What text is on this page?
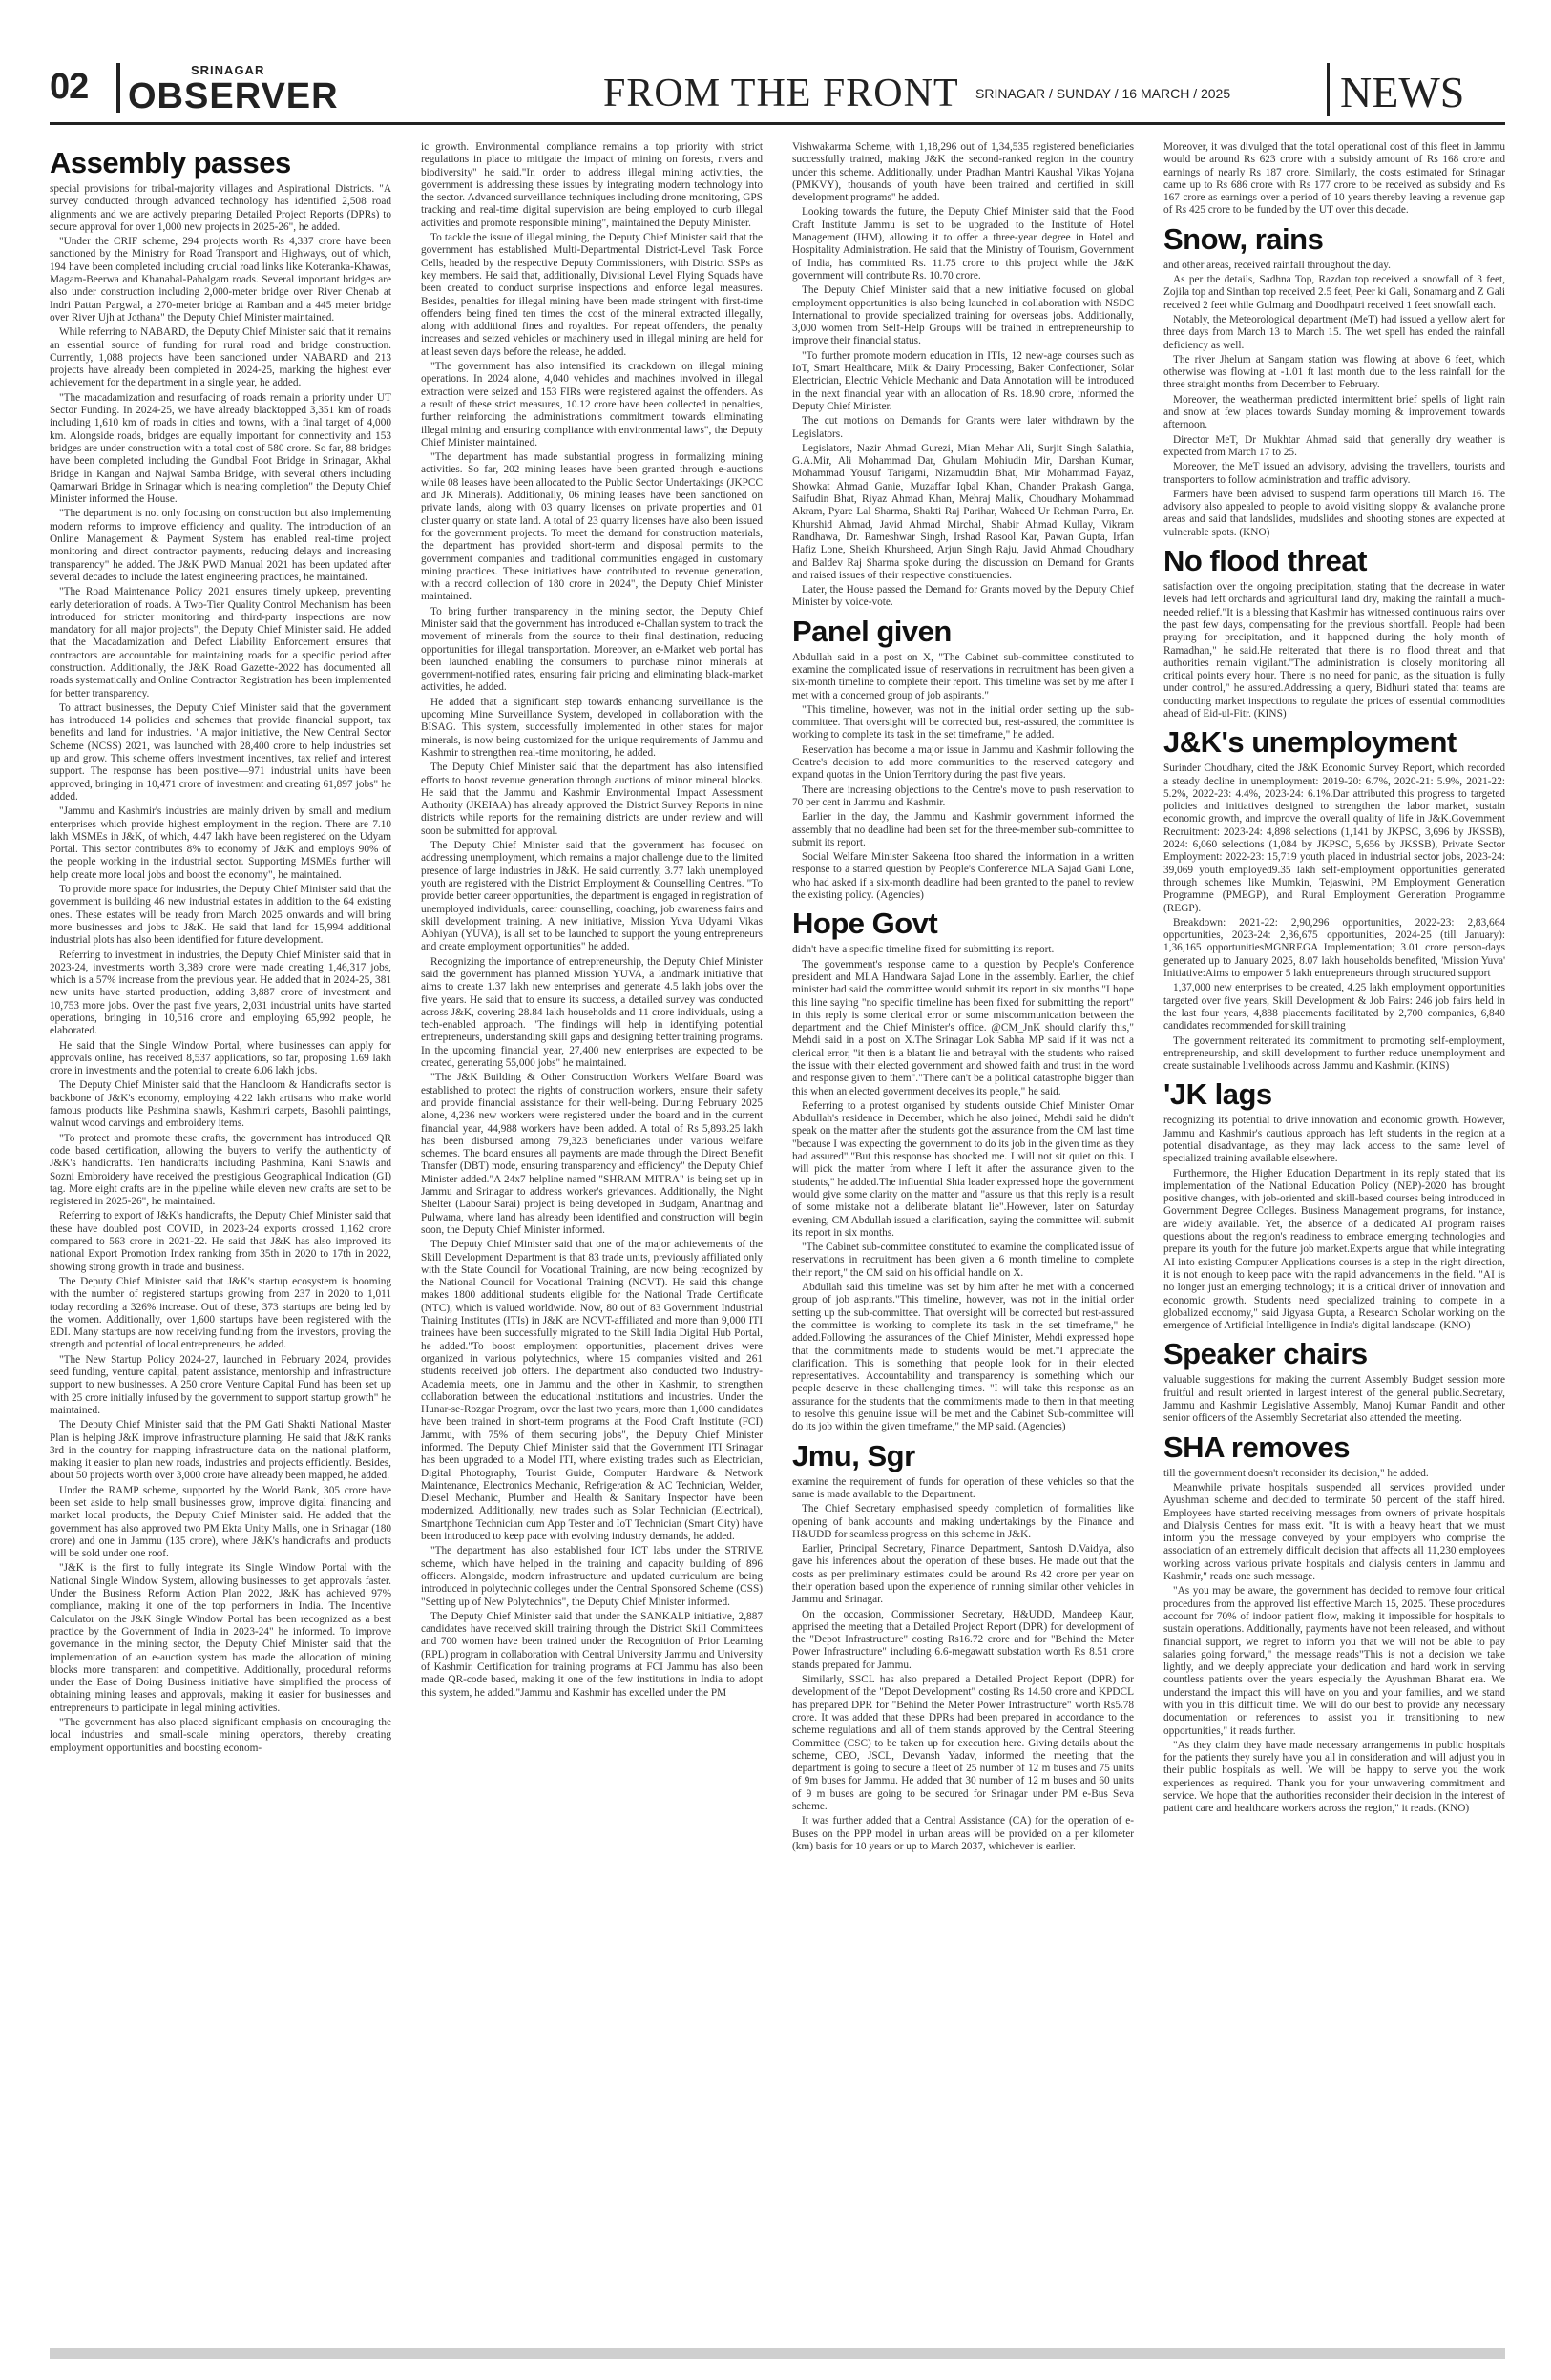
02	SRINAGAR
OBSERVER	FROM THE FRONT SRINAGAR / SUNDAY / 16 MARCH / 2025 NEWS
Assembly passes

special provisions for tribal-majority villages and Aspirational Districts. "A survey conducted through advanced technology has identified 2,508 road alignments and we are actively preparing Detailed Project Reports (DPRs) to secure approval for over 1,000 new projects in 2025-26", he added.

"Under the CRIF scheme, 294 projects worth Rs 4,337 crore have been sanctioned by the Ministry for Road Transport and Highways, out of which, 194 have been completed including crucial road links like Koteranka-Khawas, Magam-Beerwa and Khanabal-Pahalgam roads. Several important bridges are also under construction including 2,000-meter bridge over River Chenab at Indri Pattan Pargwal, a 270-meter bridge at Ramban and a 445 meter bridge over River Ujh at Jothana" the Deputy Chief Minister maintained.

While referring to NABARD, the Deputy Chief Minister said that it remains an essential source of funding for rural road and bridge construction. Currently, 1,088 projects have been sanctioned under NABARD and 213 projects have already been completed in 2024-25, marking the highest ever achievement for the department in a single year, he added.

"The macadamization and resurfacing of roads remain a priority under UT Sector Funding. In 2024-25, we have already blacktopped 3,351 km of roads including 1,610 km of roads in cities and towns, with a final target of 4,000 km. Alongside roads, bridges are equally important for connectivity and 153 bridges are under construction with a total cost of 580 crore. So far, 88 bridges have been completed including the Gundbal Foot Bridge in Srinagar, Akhal Bridge in Kangan and Najwal Samba Bridge, with several others including Qamarwari Bridge in Srinagar which is nearing completion" the Deputy Chief Minister informed the House.

"The department is not only focusing on construction but also implementing modern reforms to improve efficiency and quality. The introduction of an Online Management & Payment System has enabled real-time project monitoring and direct contractor payments, reducing delays and increasing transparency" he added. The J&K PWD Manual 2021 has been updated after several decades to include the latest engineering practices, he maintained.

"The Road Maintenance Policy 2021 ensures timely upkeep, preventing early deterioration of roads. A Two-Tier Quality Control Mechanism has been introduced for stricter monitoring and third-party inspections are now mandatory for all major projects", the Deputy Chief Minister said. He added that the Macadamization and Defect Liability Enforcement ensures that contractors are accountable for maintaining roads for a specific period after construction. Additionally, the J&K Road Gazette-2022 has documented all roads systematically and Online Contractor Registration has been implemented for better transparency.

To attract businesses, the Deputy Chief Minister said that the government has introduced 14 policies and schemes that provide financial support, tax benefits and land for industries. "A major initiative, the New Central Sector Scheme (NCSS) 2021, was launched with 28,400 crore to help industries set up and grow. This scheme offers investment incentives, tax relief and interest support. The response has been positive—971 industrial units have been approved, bringing in 10,471 crore of investment and creating 61,897 jobs" he added.

"Jammu and Kashmir's industries are mainly driven by small and medium enterprises which provide highest employment in the region. There are 7.10 lakh MSMEs in J&K, of which, 4.47 lakh have been registered on the Udyam Portal. This sector contributes 8% to economy of J&K and employs 90% of the people working in the industrial sector. Supporting MSMEs further will help create more local jobs and boost the economy", he maintained.

To provide more space for industries, the Deputy Chief Minister said that the government is building 46 new industrial estates in addition to the 64 existing ones. These estates will be ready from March 2025 onwards and will bring more businesses and jobs to J&K. He said that land for 15,994 additional industrial plots has also been identified for future development.

Referring to investment in industries, the Deputy Chief Minister said that in 2023-24, investments worth 3,389 crore were made creating 1,46,317 jobs, which is a 57% increase from the previous year. He added that in 2024-25, 381 new units have started production, adding 3,887 crore of investment and 10,753 more jobs. Over the past five years, 2,031 industrial units have started operations, bringing in 10,516 crore and employing 65,992 people, he elaborated.

He said that the Single Window Portal, where businesses can apply for approvals online, has received 8,537 applications, so far, proposing 1.69 lakh crore in investments and the potential to create 6.06 lakh jobs.

The Deputy Chief Minister said that the Handloom & Handicrafts sector is backbone of J&K's economy, employing 4.22 lakh artisans who make world famous products like Pashmina shawls, Kashmiri carpets, Basohli paintings, walnut wood carvings and embroidery items.

"To protect and promote these crafts, the government has introduced QR code based certification, allowing the buyers to verify the authenticity of J&K's handicrafts. Ten handicrafts including Pashmina, Kani Shawls and Sozni Embroidery have received the prestigious Geographical Indication (GI) tag. More eight crafts are in the pipeline while eleven new crafts are set to be registered in 2025-26", he maintained.

Referring to export of J&K's handicrafts, the Deputy Chief Minister said that these have doubled post COVID, in 2023-24 exports crossed 1,162 crore compared to 563 crore in 2021-22. He said that J&K has also improved its national Export Promotion Index ranking from 35th in 2020 to 17th in 2022, showing strong growth in trade and business.

The Deputy Chief Minister said that J&K's startup ecosystem is booming with the number of registered startups growing from 237 in 2020 to 1,011 today recording a 326% increase. Out of these, 373 startups are being led by the women. Additionally, over 1,600 startups have been registered with the EDI. Many startups are now receiving funding from the investors, proving the strength and potential of local entrepreneurs, he added.

"The New Startup Policy 2024-27, launched in February 2024, provides seed funding, venture capital, patent assistance, mentorship and infrastructure support to new businesses. A 250 crore Venture Capital Fund has been set up with 25 crore initially infused by the government to support startup growth" he maintained.

The Deputy Chief Minister said that the PM Gati Shakti National Master Plan is helping J&K improve infrastructure planning. He said that J&K ranks 3rd in the country for mapping infrastructure data on the national platform, making it easier to plan new roads, industries and projects efficiently. Besides, about 50 projects worth over 3,000 crore have already been mapped, he added.

Under the RAMP scheme, supported by the World Bank, 305 crore have been set aside to help small businesses grow, improve digital financing and market local products, the Deputy Chief Minister said. He added that the government has also approved two PM Ekta Unity Malls, one in Srinagar (180 crore) and one in Jammu (135 crore), where J&K's handicrafts and products will be sold under one roof.

"J&K is the first to fully integrate its Single Window Portal with the National Single Window System, allowing businesses to get approvals faster. Under the Business Reform Action Plan 2022, J&K has achieved 97% compliance, making it one of the top performers in India. The Incentive Calculator on the J&K Single Window Portal has been recognized as a best practice by the Government of India in 2023-24" he informed. To improve governance in the mining sector, the Deputy Chief Minister said that the implementation of an e-auction system has made the allocation of mining blocks more transparent and competitive. Additionally, procedural reforms under the Ease of Doing Business initiative have simplified the process of obtaining mining leases and approvals, making it easier for businesses and entrepreneurs to participate in legal mining activities.

"The government has also placed significant emphasis on encouraging the local industries and small-scale mining operators, thereby creating employment opportunities and boosting econom-

ic growth. Environmental compliance remains a top priority with strict regulations in place to mitigate the impact of mining on forests, rivers and biodiversity" he said."In order to address illegal mining activities, the government is addressing these issues by integrating modern technology into the sector. Advanced surveillance techniques including drone monitoring, GPS tracking and real-time digital supervision are being employed to curb illegal activities and promote responsible mining", maintained the Deputy Minister.

To tackle the issue of illegal mining, the Deputy Chief Minister said that the government has established Multi-Departmental District-Level Task Force Cells, headed by the respective Deputy Commissioners, with District SSPs as key members. He said that, additionally, Divisional Level Flying Squads have been created to conduct surprise inspections and enforce legal measures. Besides, penalties for illegal mining have been made stringent with first-time offenders being fined ten times the cost of the mineral extracted illegally, along with additional fines and royalties. For repeat offenders, the penalty increases and seized vehicles or machinery used in illegal mining are held for at least seven days before the release, he added.

"The government has also intensified its crackdown on illegal mining operations. In 2024 alone, 4,040 vehicles and machines involved in illegal extraction were seized and 153 FIRs were registered against the offenders. As a result of these strict measures, 10.12 crore have been collected in penalties, further reinforcing the administration's commitment towards eliminating illegal mining and ensuring compliance with environmental laws", the Deputy Chief Minister maintained.

"The department has made substantial progress in formalizing mining activities. So far, 202 mining leases have been granted through e-auctions while 08 leases have been allocated to the Public Sector Undertakings (JKPCC and JK Minerals). Additionally, 06 mining leases have been sanctioned on private lands, along with 03 quarry licenses on private properties and 01 cluster quarry on state land. A total of 23 quarry licenses have also been issued for the government projects. To meet the demand for construction materials, the department has provided short-term and disposal permits to the government companies and traditional communities engaged in customary mining practices. These initiatives have contributed to revenue generation, with a record collection of 180 crore in 2024", the Deputy Chief Minister maintained.

To bring further transparency in the mining sector, the Deputy Chief Minister said that the government has introduced e-Challan system to track the movement of minerals from the source to their final destination, reducing opportunities for illegal transportation. Moreover, an e-Market web portal has been launched enabling the consumers to purchase minor minerals at government-notified rates, ensuring fair pricing and eliminating black-market activities, he added.

He added that a significant step towards enhancing surveillance is the upcoming Mine Surveillance System, developed in collaboration with the BISAG. This system, successfully implemented in other states for major minerals, is now being customized for the unique requirements of Jammu and Kashmir to strengthen real-time monitoring, he added.

The Deputy Chief Minister said that the department has also intensified efforts to boost revenue generation through auctions of minor mineral blocks. He said that the Jammu and Kashmir Environmental Impact Assessment Authority (JKEIAA) has already approved the District Survey Reports in nine districts while reports for the remaining districts are under review and will soon be submitted for approval.

The Deputy Chief Minister said that the government has focused on addressing unemployment, which remains a major challenge due to the limited presence of large industries in J&K. He said currently, 3.77 lakh unemployed youth are registered with the District Employment & Counselling Centres. "To provide better career opportunities, the department is engaged in registration of unemployed individuals, career counselling, coaching, job awareness fairs and skill development training. A new initiative, Mission Yuva Udyami Vikas Abhiyan (YUVA), is all set to be launched to support the young entrepreneurs and create employment opportunities" he added.

Recognizing the importance of entrepreneurship, the Deputy Chief Minister said the government has planned Mission YUVA, a landmark initiative that aims to create 1.37 lakh new enterprises and generate 4.5 lakh jobs over the five years. He said that to ensure its success, a detailed survey was conducted across J&K, covering 28.84 lakh households and 11 crore individuals, using a tech-enabled approach. "The findings will help in identifying potential entrepreneurs, understanding skill gaps and designing better training programs. In the upcoming financial year, 27,400 new enterprises are expected to be created, generating 55,000 jobs" he maintained.

"The J&K Building & Other Construction Workers Welfare Board was established to protect the rights of construction workers, ensure their safety and provide financial assistance for their well-being. During February 2025 alone, 4,236 new workers were registered under the board and in the current financial year, 44,988 workers have been added. A total of Rs 5,893.25 lakh has been disbursed among 79,323 beneficiaries under various welfare schemes. The board ensures all payments are made through the Direct Benefit Transfer (DBT) mode, ensuring transparency and efficiency" the Deputy Chief Minister added."A 24x7 helpline named "SHRAM MITRA" is being set up in Jammu and Srinagar to address worker's grievances. Additionally, the Night Shelter (Labour Sarai) project is being developed in Budgam, Anantnag and Pulwama, where land has already been identified and construction will begin soon, the Deputy Chief Minister informed.

The Deputy Chief Minister said that one of the major achievements of the Skill Development Department is that 83 trade units, previously affiliated only with the State Council for Vocational Training, are now being recognized by the National Council for Vocational Training (NCVT). He said this change makes 1800 additional students eligible for the National Trade Certificate (NTC), which is valued worldwide. Now, 80 out of 83 Government Industrial Training Institutes (ITIs) in J&K are NCVT-affiliated and more than 9,000 ITI trainees have been successfully migrated to the Skill India Digital Hub Portal, he added."To boost employment opportunities, placement drives were organized in various polytechnics, where 15 companies visited and 261 students received job offers. The department also conducted two Industry-Academia meets, one in Jammu and the other in Kashmir, to strengthen collaboration between the educational institutions and industries. Under the Hunar-se-Rozgar Program, over the last two years, more than 1,000 candidates have been trained in short-term programs at the Food Craft Institute (FCI) Jammu, with 75% of them securing jobs", the Deputy Chief Minister informed. The Deputy Chief Minister said that the Government ITI Srinagar has been upgraded to a Model ITI, where existing trades such as Electrician, Digital Photography, Tourist Guide, Computer Hardware & Network Maintenance, Electronics Mechanic, Refrigeration & AC Technician, Welder, Diesel Mechanic, Plumber and Health & Sanitary Inspector have been modernized. Additionally, new trades such as Solar Technician (Electrical), Smartphone Technician cum App Tester and IoT Technician (Smart City) have been introduced to keep pace with evolving industry demands, he added.

"The department has also established four ICT labs under the STRIVE scheme, which have helped in the training and capacity building of 896 officers. Alongside, modern infrastructure and updated curriculum are being introduced in polytechnic colleges under the Central Sponsored Scheme (CSS) "Setting up of New Polytechnics", the Deputy Chief Minister informed.

The Deputy Chief Minister said that under the SANKALP initiative, 2,887 candidates have received skill training through the District Skill Committees and 700 women have been trained under the Recognition of Prior Learning (RPL) program in collaboration with Central University Jammu and University of Kashmir. Certification for training programs at FCI Jammu has also been made QR-code based, making it one of the few institutions in India to adopt this system, he added."Jammu and Kashmir has excelled under the PM

Vishwakarma Scheme, with 1,18,296 out of 1,34,535 registered beneficiaries successfully trained, making J&K the second-ranked region in the country under this scheme. Additionally, under Pradhan Mantri Kaushal Vikas Yojana (PMKVY), thousands of youth have been trained and certified in skill development programs" he added.

Looking towards the future, the Deputy Chief Minister said that the Food Craft Institute Jammu is set to be upgraded to the Institute of Hotel Management (IHM), allowing it to offer a three-year degree in Hotel and Hospitality Administration. He said that the Ministry of Tourism, Government of India, has committed Rs. 11.75 crore to this project while the J&K government will contribute Rs. 10.70 crore.

The Deputy Chief Minister said that a new initiative focused on global employment opportunities is also being launched in collaboration with NSDC International to provide specialized training for overseas jobs. Additionally, 3,000 women from Self-Help Groups will be trained in entrepreneurship to improve their financial status.

"To further promote modern education in ITIs, 12 new-age courses such as IoT, Smart Healthcare, Milk & Dairy Processing, Baker Confectioner, Solar Electrician, Electric Vehicle Mechanic and Data Annotation will be introduced in the next financial year with an allocation of Rs. 18.90 crore, informed the Deputy Chief Minister.

The cut motions on Demands for Grants were later withdrawn by the Legislators.

Legislators, Nazir Ahmad Gurezi, Mian Mehar Ali, Surjit Singh Salathia, G.A.Mir, Ali Mohammad Dar, Ghulam Mohiudin Mir, Darshan Kumar, Mohammad Yousuf Tarigami, Nizamuddin Bhat, Mir Mohammad Fayaz, Showkat Ahmad Ganie, Muzaffar Iqbal Khan, Chander Prakash Ganga, Saifudin Bhat, Riyaz Ahmad Khan, Mehraj Malik, Choudhary Mohammad Akram, Pyare Lal Sharma, Shakti Raj Parihar, Waheed Ur Rehman Parra, Er. Khurshid Ahmad, Javid Ahmad Mirchal, Shabir Ahmad Kullay, Vikram Randhawa, Dr. Rameshwar Singh, Irshad Rasool Kar, Pawan Gupta, Irfan Hafiz Lone, Sheikh Khursheed, Arjun Singh Raju, Javid Ahmad Choudhary and Baldev Raj Sharma spoke during the discussion on Demand for Grants and raised issues of their respective constituencies.

Later, the House passed the Demand for Grants moved by the Deputy Chief Minister by voice-vote.

Panel given

Abdullah said in a post on X, "The Cabinet sub-committee constituted to examine the complicated issue of reservations in recruitment has been given a six-month timeline to complete their report. This timeline was set by me after I met with a concerned group of job aspirants."

"This timeline, however, was not in the initial order setting up the sub-committee. That oversight will be corrected but, rest-assured, the committee is working to complete its task in the set timeframe," he added.

Reservation has become a major issue in Jammu and Kashmir following the Centre's decision to add more communities to the reserved category and expand quotas in the Union Territory during the past five years.

There are increasing objections to the Centre's move to push reservation to 70 per cent in Jammu and Kashmir.

Earlier in the day, the Jammu and Kashmir government informed the assembly that no deadline had been set for the three-member sub-committee to submit its report.

Social Welfare Minister Sakeena Itoo shared the information in a written response to a starred question by People's Conference MLA Sajad Gani Lone, who had asked if a six-month deadline had been granted to the panel to review the existing policy. (Agencies)

Hope Govt

didn't have a specific timeline fixed for submitting its report.

The government's response came to a question by People's Conference president and MLA Handwara Sajad Lone in the assembly. Earlier, the chief minister had said the committee would submit its report in six months."I hope this line saying "no specific timeline has been fixed for submitting the report" in this reply is some clerical error or some miscommunication between the department and the Chief Minister's office. @CM_JnK should clarify this," Mehdi said in a post on X.The Srinagar Lok Sabha MP said if it was not a clerical error, "it then is a blatant lie and betrayal with the students who raised the issue with their elected government and showed faith and trust in the word and response given to them"."There can't be a political catastrophe bigger than this when an elected government deceives its people," he said.

Referring to a protest organised by students outside Chief Minister Omar Abdullah's residence in December, which he also joined, Mehdi said he didn't speak on the matter after the students got the assurance from the CM last time "because I was expecting the government to do its job in the given time as they had assured"."But this response has shocked me. I will not sit quiet on this. I will pick the matter from where I left it after the assurance given to the students," he added.The influential Shia leader expressed hope the government would give some clarity on the matter and "assure us that this reply is a result of some mistake not a deliberate blatant lie".However, later on Saturday evening, CM Abdullah issued a clarification, saying the committee will submit its report in six months.

"The Cabinet sub-committee constituted to examine the complicated issue of reservations in recruitment has been given a 6 month timeline to complete their report," the CM said on his official handle on X.

Abdullah said this timeline was set by him after he met with a concerned group of job aspirants."This timeline, however, was not in the initial order setting up the sub-committee. That oversight will be corrected but rest-assured the committee is working to complete its task in the set timeframe," he added.Following the assurances of the Chief Minister, Mehdi expressed hope that the commitments made to students would be met."I appreciate the clarification. This is something that people look for in their elected representatives. Accountability and transparency is something which our people deserve in these challenging times. "I will take this response as an assurance for the students that the commitments made to them in that meeting to resolve this genuine issue will be met and the Cabinet Sub-committee will do its job within the given timeframe," the MP said. (Agencies)

Jmu, Sgr

examine the requirement of funds for operation of these vehicles so that the same is made available to the Department.

The Chief Secretary emphasised speedy completion of formalities like opening of bank accounts and making undertakings by the Finance and H&UDD for seamless progress on this scheme in J&K.

Earlier, Principal Secretary, Finance Department, Santosh D.Vaidya, also gave his inferences about the operation of these buses. He made out that the costs as per preliminary estimates could be around Rs 42 crore per year on their operation based upon the experience of running similar other vehicles in Jammu and Srinagar.

On the occasion, Commissioner Secretary, H&UDD, Mandeep Kaur, apprised the meeting that a Detailed Project Report (DPR) for development of the "Depot Infrastructure" costing Rs16.72 crore and for "Behind the Meter Power Infrastructure" including 6.6-megawatt substation worth Rs 8.51 crore stands prepared for Jammu.

Similarly, SSCL has also prepared a Detailed Project Report (DPR) for development of the "Depot Development" costing Rs 14.50 crore and KPDCL has prepared DPR for "Behind the Meter Power Infrastructure" worth Rs5.78 crore. It was added that these DPRs had been prepared in accordance to the scheme regulations and all of them stands approved by the Central Steering Committee (CSC) to be taken up for execution here. Giving details about the scheme, CEO, JSCL, Devansh Yadav, informed the meeting that the department is going to secure a fleet of 25 number of 12 m buses and 75 units of 9m buses for Jammu. He added that 30 number of 12 m buses and 60 units of 9 m buses are going to be secured for Srinagar under PM e-Bus Seva scheme.

It was further added that a Central Assistance (CA) for the operation of e-Buses on the PPP model in urban areas will be provided on a per kilometer (km) basis for 10 years or up to March 2037, whichever is earlier.

Moreover, it was divulged that the total operational cost of this fleet in Jammu would be around Rs 623 crore with a subsidy amount of Rs 168 crore and earnings of nearly Rs 187 crore. Similarly, the costs estimated for Srinagar came up to Rs 686 crore with Rs 177 crore to be received as subsidy and Rs 167 crore as earnings over a period of 10 years thereby leaving a revenue gap of Rs 425 crore to be funded by the UT over this decade.

Snow, rains

and other areas, received rainfall throughout the day.

As per the details, Sadhna Top, Razdan top received a snowfall of 3 feet, Zojila top and Sinthan top received 2.5 feet, Peer ki Gali, Sonamarg and Z Gali received 2 feet while Gulmarg and Doodhpatri received 1 feet snowfall each.

Notably, the Meteorological department (MeT) had issued a yellow alert for three days from March 13 to March 15. The wet spell has ended the rainfall deficiency as well.

The river Jhelum at Sangam station was flowing at above 6 feet, which otherwise was flowing at -1.01 ft last month due to the less rainfall for the three straight months from December to February.

Moreover, the weatherman predicted intermittent brief spells of light rain and snow at few places towards Sunday morning & improvement towards afternoon.

Director MeT, Dr Mukhtar Ahmad said that generally dry weather is expected from March 17 to 25.

Moreover, the MeT issued an advisory, advising the travellers, tourists and transporters to follow administration and traffic advisory.

Farmers have been advised to suspend farm operations till March 16. The advisory also appealed to people to avoid visiting sloppy & avalanche prone areas and said that landslides, mudslides and shooting stones are expected at vulnerable spots. (KNO)

No flood threat

satisfaction over the ongoing precipitation, stating that the decrease in water levels had left orchards and agricultural land dry, making the rainfall a much-needed relief."It is a blessing that Kashmir has witnessed continuous rains over the past few days, compensating for the previous shortfall. People had been praying for precipitation, and it happened during the holy month of Ramadhan," he said.He reiterated that there is no flood threat and that authorities remain vigilant."The administration is closely monitoring all critical points every hour. There is no need for panic, as the situation is fully under control," he assured.Addressing a query, Bidhuri stated that teams are conducting market inspections to regulate the prices of essential commodities ahead of Eid-ul-Fitr. (KINS)

J&K's unemployment

Surinder Choudhary, cited the J&K Economic Survey Report, which recorded a steady decline in unemployment: 2019-20: 6.7%, 2020-21: 5.9%, 2021-22: 5.2%, 2022-23: 4.4%, 2023-24: 6.1%.Dar attributed this progress to targeted policies and initiatives designed to strengthen the labor market, sustain economic growth, and improve the overall quality of life in J&K.Government Recruitment: 2023-24: 4,898 selections (1,141 by JKPSC, 3,696 by JKSSB), 2024: 6,060 selections (1,084 by JKPSC, 5,656 by JKSSB), Private Sector Employment: 2022-23: 15,719 youth placed in industrial sector jobs, 2023-24: 39,069 youth employed9.35 lakh self-employment opportunities generated through schemes like Mumkin, Tejaswini, PM Employment Generation Programme (PMEGP), and Rural Employment Generation Programme (REGP).

Breakdown: 2021-22: 2,90,296 opportunities, 2022-23: 2,83,664 opportunities, 2023-24: 2,36,675 opportunities, 2024-25 (till January): 1,36,165 opportunitiesMGNREGA Implementation; 3.01 crore person-days generated up to January 2025, 8.07 lakh households benefited, 'Mission Yuva' Initiative:Aims to empower 5 lakh entrepreneurs through structured support

1,37,000 new enterprises to be created, 4.25 lakh employment opportunities targeted over five years, Skill Development & Job Fairs: 246 job fairs held in the last four years, 4,888 placements facilitated by 2,700 companies, 6,840 candidates recommended for skill training

The government reiterated its commitment to promoting self-employment, entrepreneurship, and skill development to further reduce unemployment and create sustainable livelihoods across Jammu and Kashmir. (KINS)

'JK lags

recognizing its potential to drive innovation and economic growth. However, Jammu and Kashmir's cautious approach has left students in the region at a potential disadvantage, as they may lack access to the same level of specialized training available elsewhere.

Furthermore, the Higher Education Department in its reply stated that its implementation of the National Education Policy (NEP)-2020 has brought positive changes, with job-oriented and skill-based courses being introduced in Government Degree Colleges. Business Management programs, for instance, are widely available. Yet, the absence of a dedicated AI program raises questions about the region's readiness to embrace emerging technologies and prepare its youth for the future job market.Experts argue that while integrating AI into existing Computer Applications courses is a step in the right direction, it is not enough to keep pace with the rapid advancements in the field. "AI is no longer just an emerging technology; it is a critical driver of innovation and economic growth. Students need specialized training to compete in a globalized economy," said Jigyasa Gupta, a Research Scholar working on the emergence of Artificial Intelligence in India's digital landscape. (KNO)

Speaker chairs

valuable suggestions for making the current Assembly Budget session more fruitful and result oriented in largest interest of the general public.Secretary, Jammu and Kashmir Legislative Assembly, Manoj Kumar Pandit and other senior officers of the Assembly Secretariat also attended the meeting.

SHA removes

till the government doesn't reconsider its decision," he added.

Meanwhile private hospitals suspended all services provided under Ayushman scheme and decided to terminate 50 percent of the staff hired. Employees have started receiving messages from owners of private hospitals and Dialysis Centres for mass exit. "It is with a heavy heart that we must inform you the message conveyed by your employers who comprise the association of an extremely difficult decision that affects all 11,230 employees working across various private hospitals and dialysis centers in Jammu and Kashmir," reads one such message.

"As you may be aware, the government has decided to remove four critical procedures from the approved list effective March 15, 2025. These procedures account for 70% of indoor patient flow, making it impossible for hospitals to sustain operations. Additionally, payments have not been released, and without financial support, we regret to inform you that we will not be able to pay salaries going forward," the message reads"This is not a decision we take lightly, and we deeply appreciate your dedication and hard work in serving countless patients over the years especially the Ayushman Bharat era. We understand the impact this will have on you and your families, and we stand with you in this difficult time. We will do our best to provide any necessary documentation or references to assist you in transitioning to new opportunities," it reads further.

"As they claim they have made necessary arrangements in public hospitals for the patients they surely have you all in consideration and will adjust you in their public hospitals as well. We will be happy to serve you the work experiences as required. Thank you for your unwavering commitment and service. We hope that the authorities reconsider their decision in the interest of patient care and healthcare workers across the region," it reads. (KNO)
